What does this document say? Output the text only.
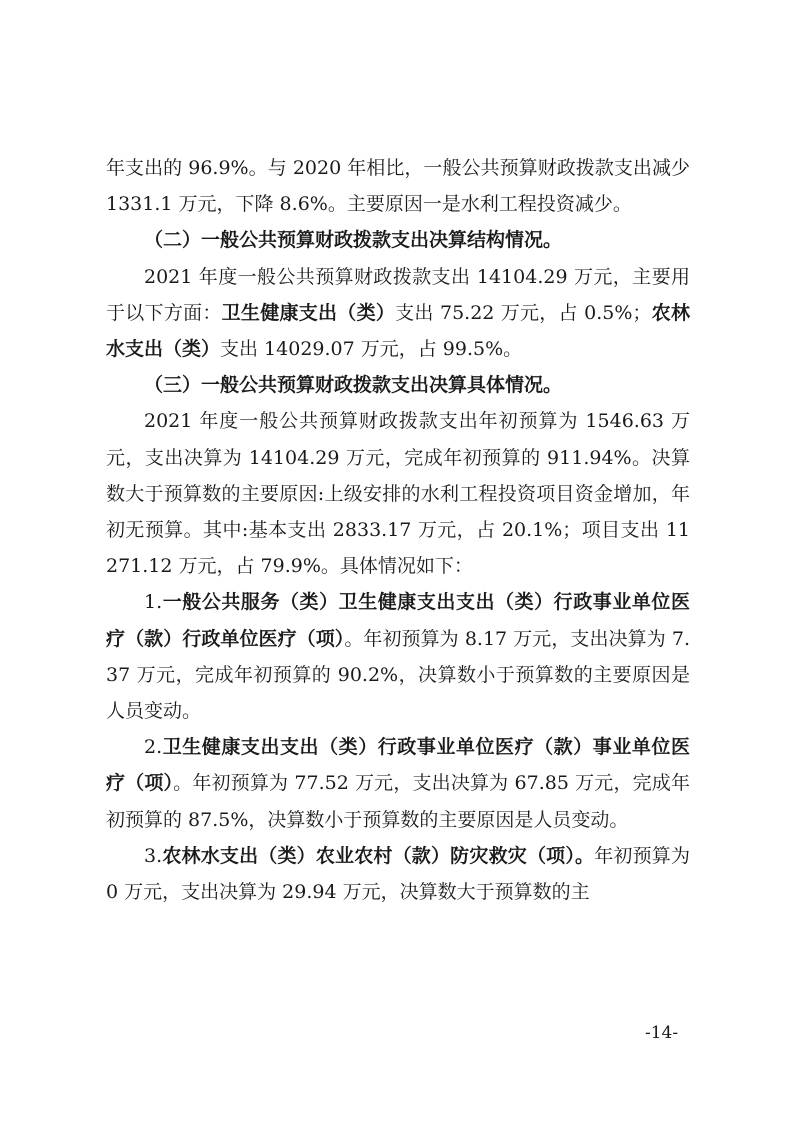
年支出的 96.9%。与 2020 年相比，一般公共预算财政拨款支出减少 1331.1 万元，下降 8.6%。主要原因一是水利工程投资减少。

（二）一般公共预算财政拨款支出决算结构情况。

2021 年度一般公共预算财政拨款支出 14104.29 万元，主要用于以下方面：卫生健康支出（类）支出 75.22 万元，占 0.5%；农林水支出（类）支出 14029.07 万元，占 99.5%。

（三）一般公共预算财政拨款支出决算具体情况。

2021 年度一般公共预算财政拨款支出年初预算为 1546.63 万元，支出决算为 14104.29 万元，完成年初预算的 911.94%。决算数大于预算数的主要原因:上级安排的水利工程投资项目资金增加，年初无预算。其中:基本支出 2833.17 万元，占 20.1%；项目支出 11271.12 万元，占 79.9%。具体情况如下：

1.一般公共服务（类）卫生健康支出支出（类）行政事业单位医疗（款）行政单位医疗（项）。年初预算为 8.17 万元，支出决算为 7.37 万元，完成年初预算的 90.2%，决算数小于预算数的主要原因是人员变动。

2.卫生健康支出支出（类）行政事业单位医疗（款）事业单位医疗（项）。年初预算为 77.52 万元，支出决算为 67.85 万元，完成年初预算的 87.5%，决算数小于预算数的主要原因是人员变动。

3.农林水支出（类）农业农村（款）防灾救灾（项）。年初预算为 0 万元，支出决算为 29.94 万元，决算数大于预算数的主

-14-
